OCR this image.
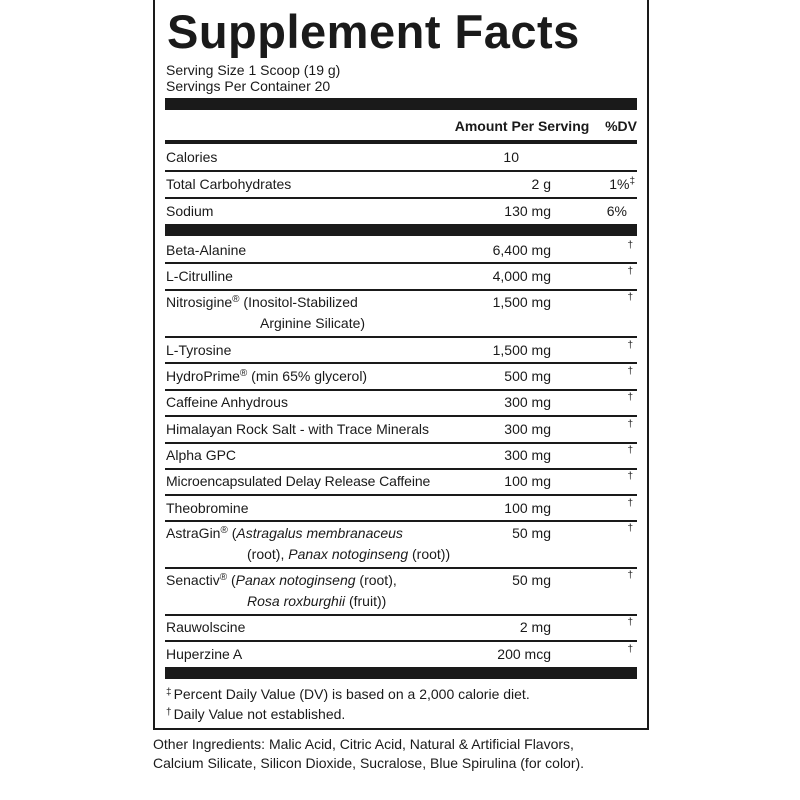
Supplement Facts
Serving Size 1 Scoop (19 g)
Servings Per Container 20
Amount Per Serving %DV
Calories	10
Total Carbohydrates	2 g	1%‡
Sodium	130 mg	6%
Beta-Alanine	6,400 mg	†
L-Citrulline	4,000 mg	†
Nitrosigine® (Inositol-Stabilized
Arginine Silicate)
1,500 mg	†
L-Tyrosine	1,500 mg	†
HydroPrime® (min 65% glycerol)	500 mg	†
Caffeine Anhydrous	300 mg	†
Himalayan Rock Salt - with Trace Minerals	300 mg	†
Alpha GPC	300 mg	†
Microencapsulated Delay Release Caffeine	100 mg	†
Theobromine	100 mg	†
AstraGin® (Astragalus membranaceus
(root), Panax notoginseng (root))
50 mg	†
Senactiv® (Panax notoginseng (root),
Rosa roxburghii (fruit))
50 mg	†
Rauwolscine	2 mg	†
Huperzine A	200 mcg	†
‡ Percent Daily Value (DV) is based on a 2,000 calorie diet.
† Daily Value not established.
Other Ingredients: Malic Acid, Citric Acid, Natural & Artificial Flavors, Calcium Silicate, Silicon Dioxide, Sucralose, Blue Spirulina (for color).
